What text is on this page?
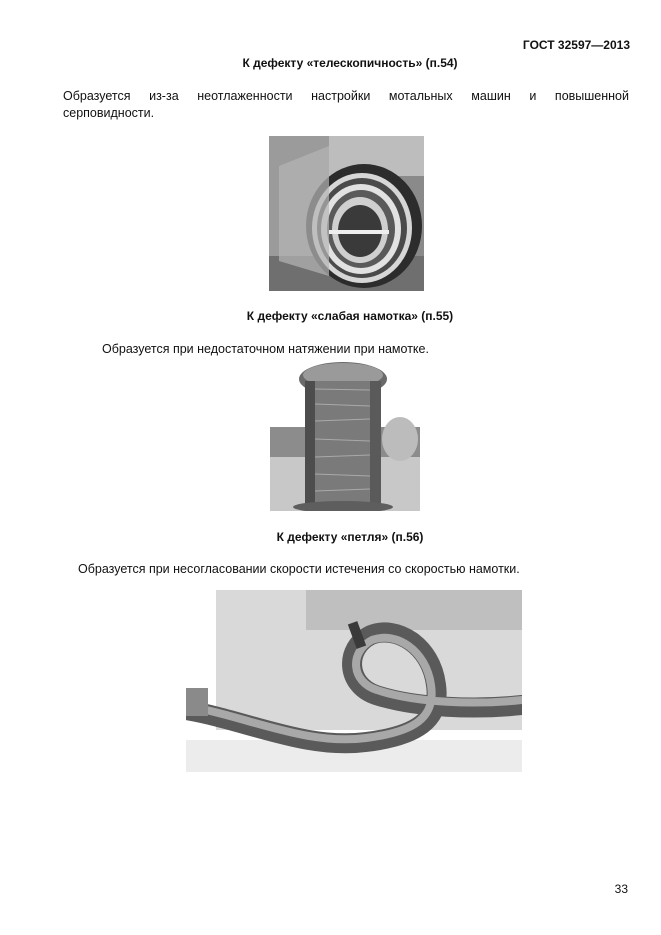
ГОСТ 32597—2013
К дефекту «телескопичность» (п.54)
Образуется из-за неотлаженности настройки мотальных машин и повышенной
серповидности.
К дефекту «слабая намотка» (п.55)
Образуется при недостаточном натяжении при намотке.
К дефекту «петля» (п.56)
Образуется при несогласовании скорости истечения со скоростью намотки.
33
